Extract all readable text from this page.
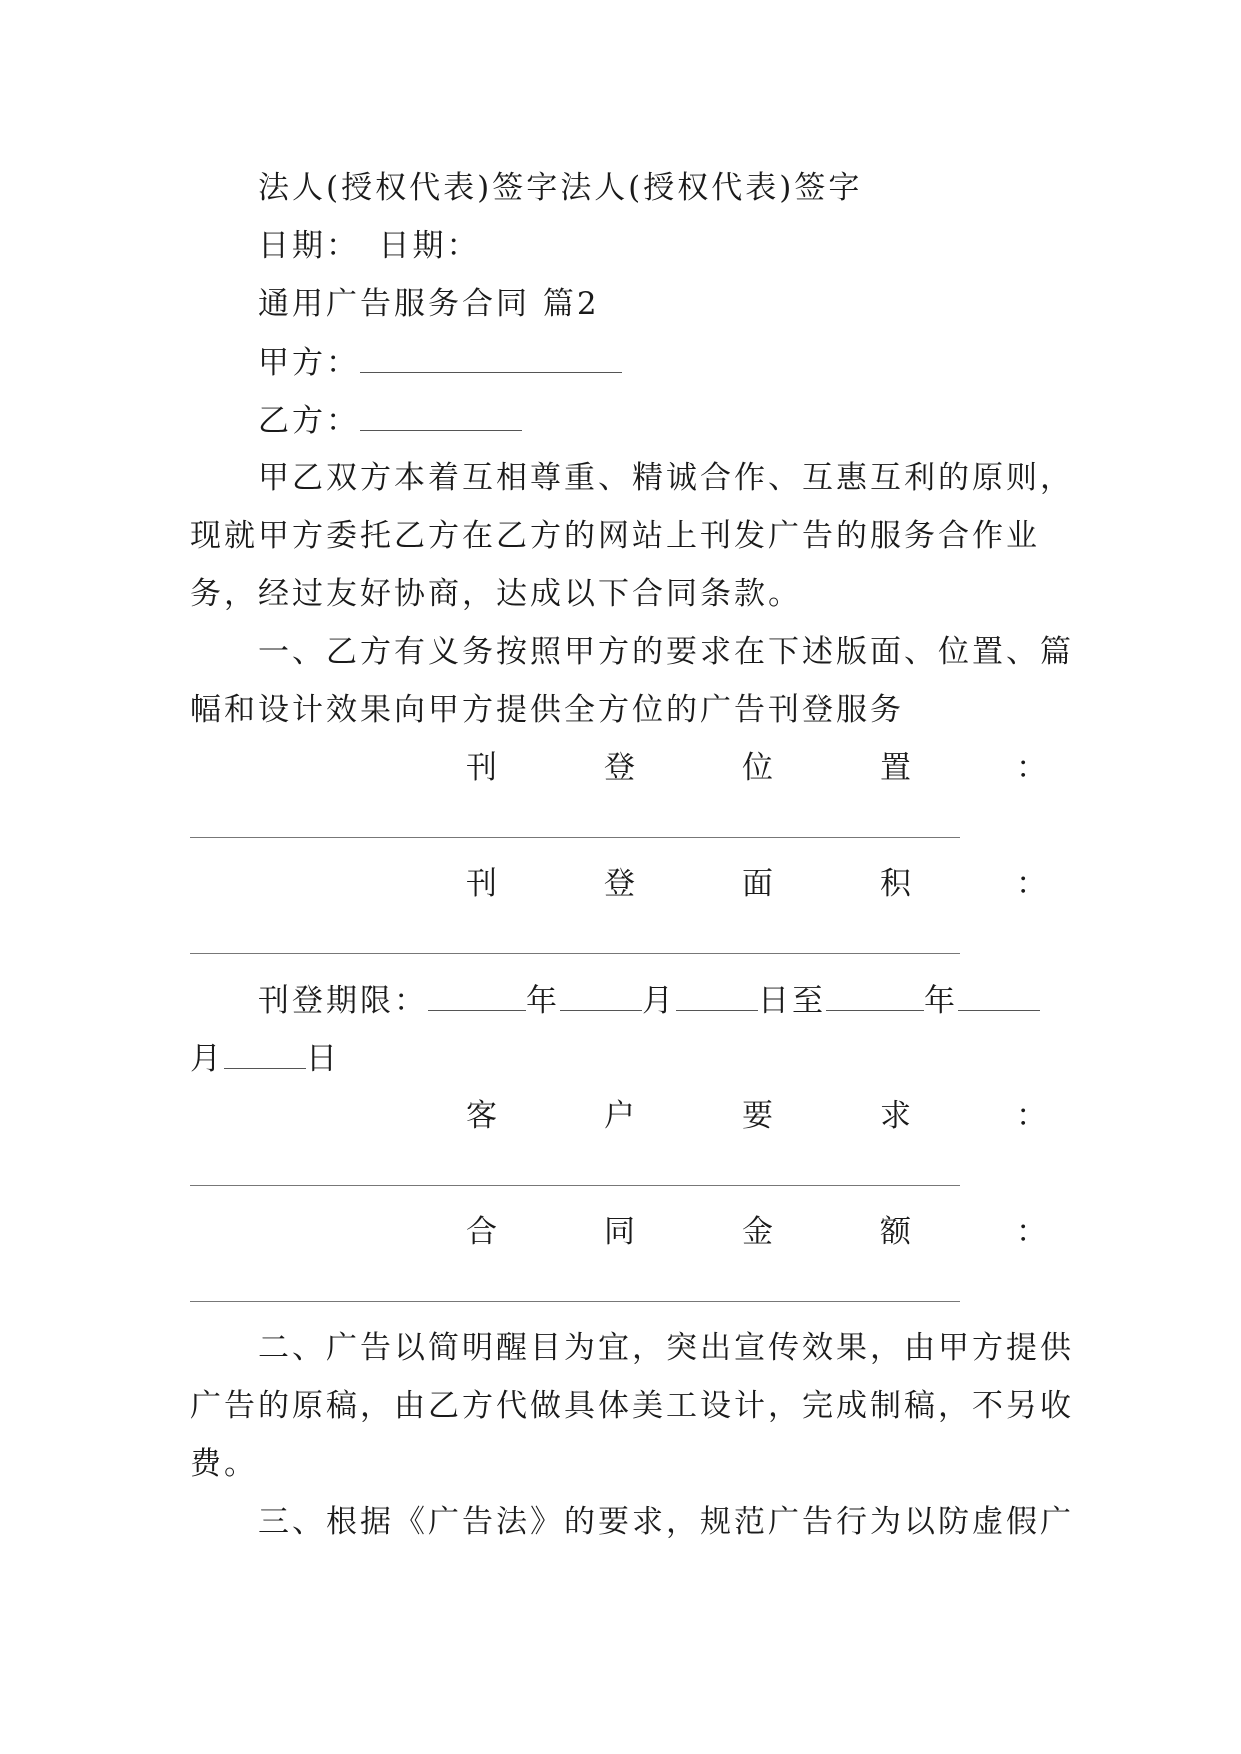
法人(授权代表)签字法人(授权代表)签字
日期：　日期：
通用广告服务合同 篇2
甲方：
乙方：
甲乙双方本着互相尊重、精诚合作、互惠互利的原则，
现就甲方委托乙方在乙方的网站上刊发广告的服务合作业
务，经过友好协商，达成以下合同条款。
一、乙方有义务按照甲方的要求在下述版面、位置、篇
幅和设计效果向甲方提供全方位的广告刊登服务
刊	登	位	置	：
刊	登	面	积	：
刊登期限：	年	月	日至	年
月	日
客	户	要	求	：
合	同	金	额	：
二、广告以简明醒目为宜，突出宣传效果，由甲方提供
广告的原稿，由乙方代做具体美工设计，完成制稿，不另收
费。
三、根据《广告法》的要求，规范广告行为以防虚假广
